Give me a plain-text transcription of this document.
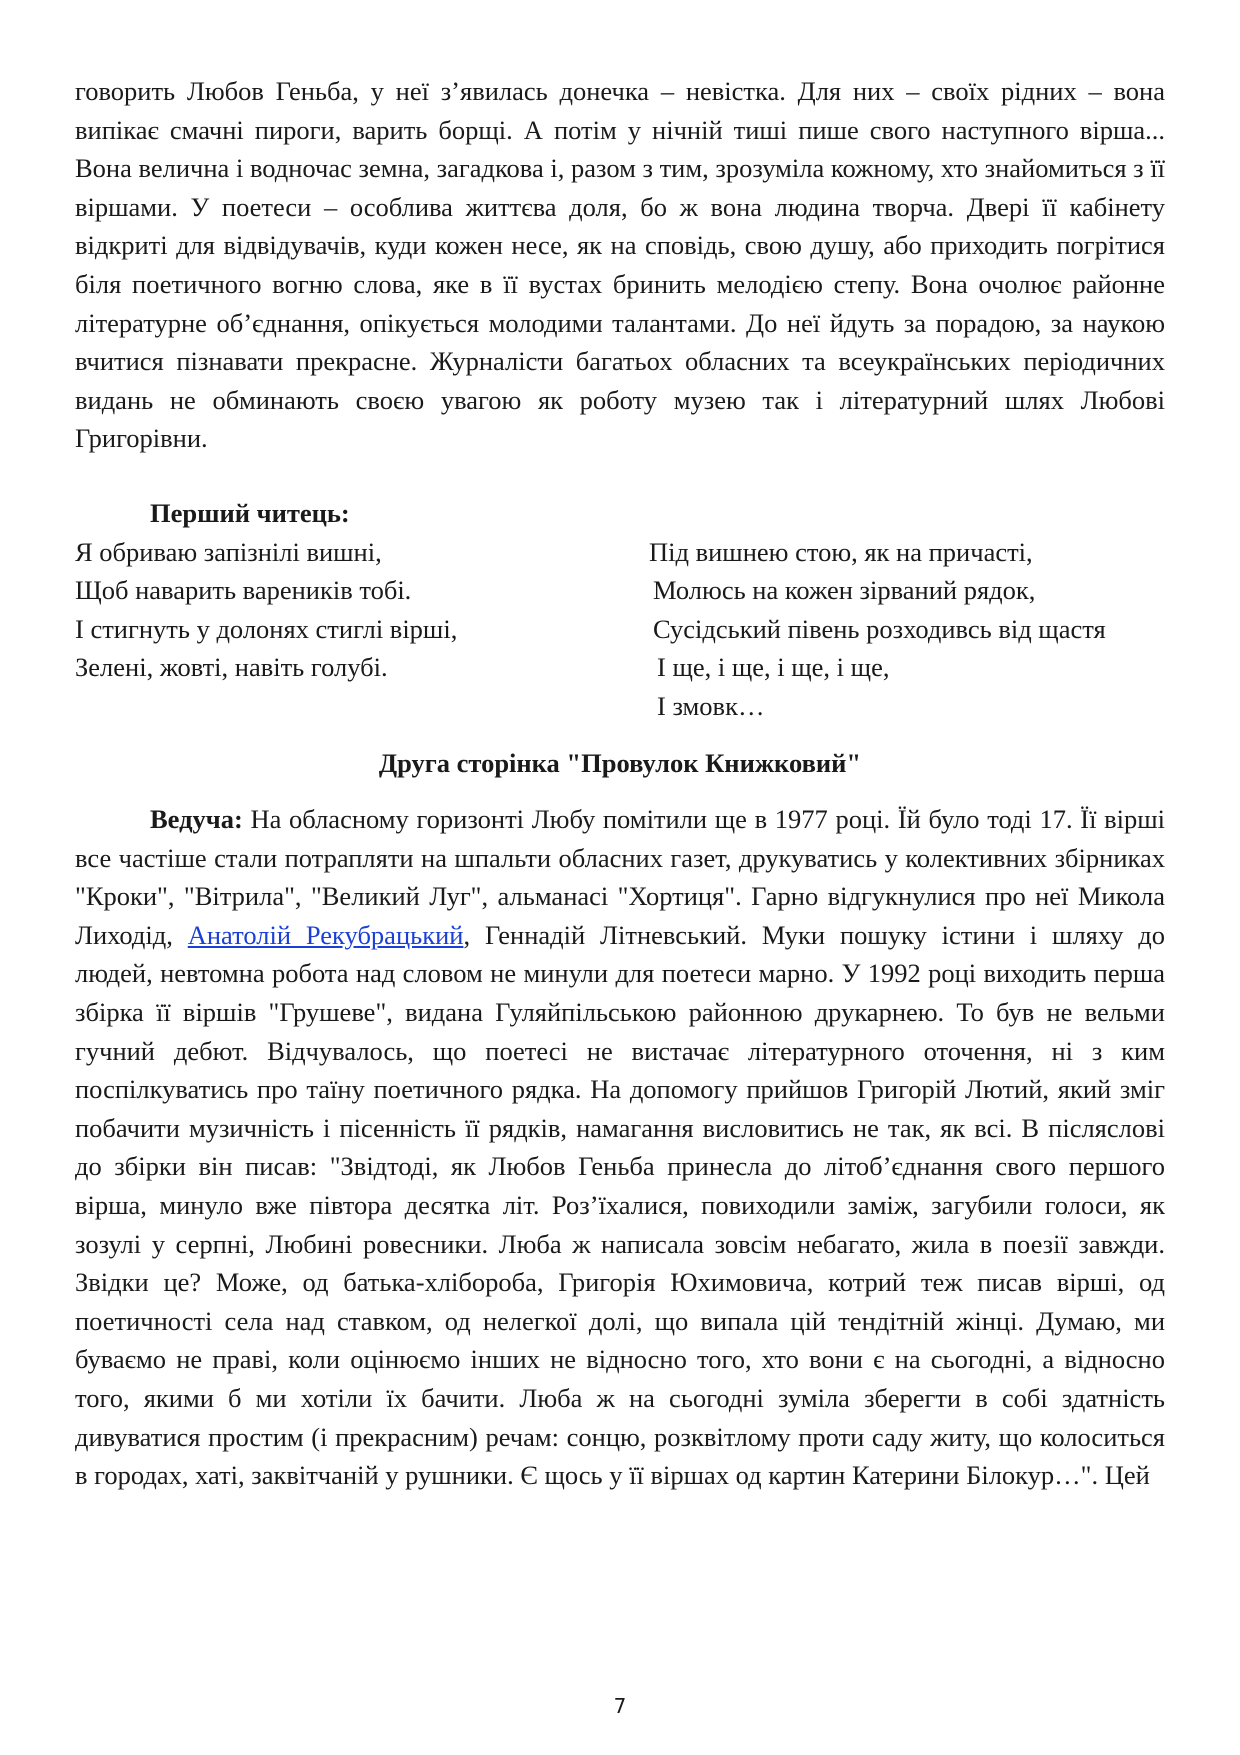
говорить Любов Геньба, у неї з’явилась донечка – невістка. Для них – своїх рідних – вона випікає смачні пироги, варить борщі. А потім у нічній тиші пише свого наступного вірша... Вона велична і водночас земна, загадкова і, разом з тим, зрозуміла кожному, хто знайомиться з її віршами. У поетеси – особлива життєва доля, бо ж вона людина творча. Двері її кабінету відкриті для відвідувачів, куди кожен несе, як на сповідь, свою душу, або приходить погрітися біля поетичного вогню слова, яке в її вустах бринить мелодією степу. Вона очолює районне літературне об’єднання, опікується молодими талантами. До неї йдуть за порадою, за наукою вчитися пізнавати прекрасне. Журналісти багатьох обласних та всеукраїнських періодичних видань не обминають своєю увагою як роботу музею так і літературний шлях Любові Григорівни.

Перший читець:

Я обриваю запізнілі вишні,
Щоб наварить вареників тобі.
І стигнуть у долонях стиглі вірші,
Зелені, жовті, навіть голубі.
Під вишнею стою, як на причасті,
Молюсь на кожен зірваний рядок,
Сусідський півень розходивсь від щастя
І ще, і ще, і ще, і ще,
І змовк…
Друга сторінка "Провулок Книжковий"

Ведуча: На обласному горизонті Любу помітили ще в 1977 році. Їй було тоді 17. Її вірші все частіше стали потрапляти на шпальти обласних газет, друкуватись у колективних збірниках "Кроки", "Вітрила", "Великий Луг", альманасі "Хортиця". Гарно відгукнулися про неї Микола Лиходід, Анатолій Рекубрацький, Геннадій Літневський. Муки пошуку істини і шляху до людей, невтомна робота над словом не минули для поетеси марно. У 1992 році виходить перша збірка її віршів "Грушеве", видана Гуляйпільською районною друкарнею. То був не вельми гучний дебют. Відчувалось, що поетесі не вистачає літературного оточення, ні з ким поспілкуватись про таїну поетичного рядка. На допомогу прийшов Григорій Лютий, який зміг побачити музичність і пісенність її рядків, намагання висловитись не так, як всі. В післяслові до збірки він писав: "Звідтоді, як Любов Геньба принесла до літоб’єднання свого першого вірша, минуло вже півтора десятка літ. Роз’їхалися, повиходили заміж, загубили голоси, як зозулі у серпні, Любині ровесники. Люба ж написала зовсім небагато, жила в поезії завжди. Звідки це? Може, од батька-хлібороба, Григорія Юхимовича, котрий теж писав вірші, од поетичності села над ставком, од нелегкої долі, що випала цій тендітній жінці. Думаю, ми буваємо не праві, коли оцінюємо інших не відносно того, хто вони є на сьогодні, а відносно того, якими б ми хотіли їх бачити. Люба ж на сьогодні зуміла зберегти в собі здатність дивуватися простим (і прекрасним) речам: сонцю, розквітлому проти саду житу, що колоситься в городах, хаті, заквітчаній у рушники. Є щось у її віршах од картин Катерини Білокур…". Цей

7
